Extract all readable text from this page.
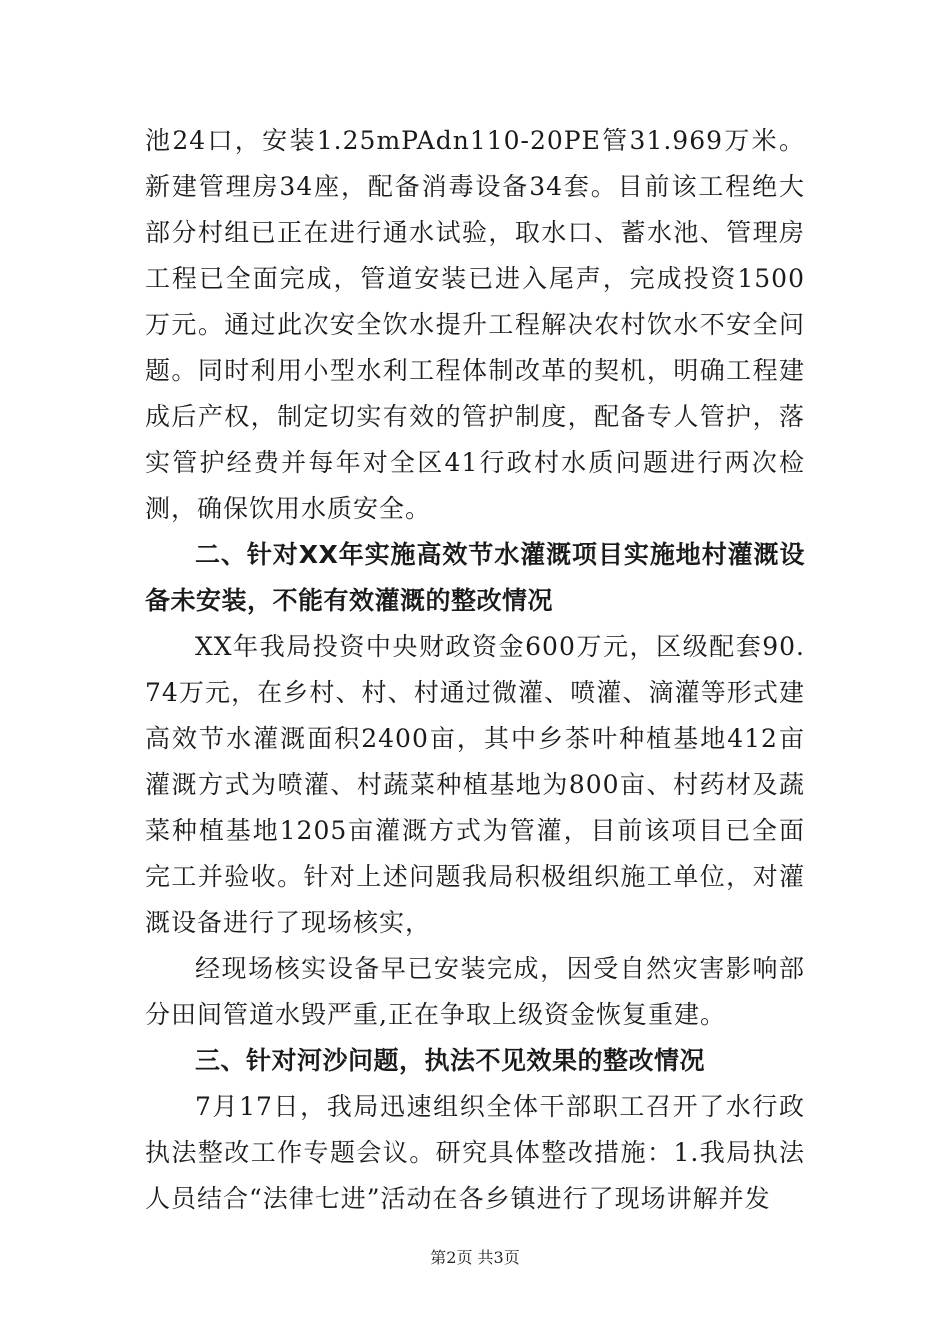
池24口，安装1.25mPAdn110-20PE管31.969万米。新建管理房34座，配备消毒设备34套。目前该工程绝大部分村组已正在进行通水试验，取水口、蓄水池、管理房工程已全面完成，管道安装已进入尾声，完成投资1500万元。通过此次安全饮水提升工程解决农村饮水不安全问题。同时利用小型水利工程体制改革的契机，明确工程建成后产权，制定切实有效的管护制度，配备专人管护，落实管护经费并每年对全区41行政村水质问题进行两次检测，确保饮用水质安全。

二、针对XX年实施高效节水灌溉项目实施地村灌溉设备未安装，不能有效灌溉的整改情况

XX年我局投资中央财政资金600万元，区级配套90.74万元，在乡村、村、村通过微灌、喷灌、滴灌等形式建高效节水灌溉面积2400亩，其中乡茶叶种植基地412亩灌溉方式为喷灌、村蔬菜种植基地为800亩、村药材及蔬菜种植基地1205亩灌溉方式为管灌，目前该项目已全面完工并验收。针对上述问题我局积极组织施工单位，对灌溉设备进行了现场核实，

经现场核实设备早已安装完成，因受自然灾害影响部分田间管道水毁严重,正在争取上级资金恢复重建。

三、针对河沙问题，执法不见效果的整改情况

7月17日，我局迅速组织全体干部职工召开了水行政执法整改工作专题会议。研究具体整改措施：1.我局执法人员结合“法律七进”活动在各乡镇进行了现场讲解并发

第2页 共3页
